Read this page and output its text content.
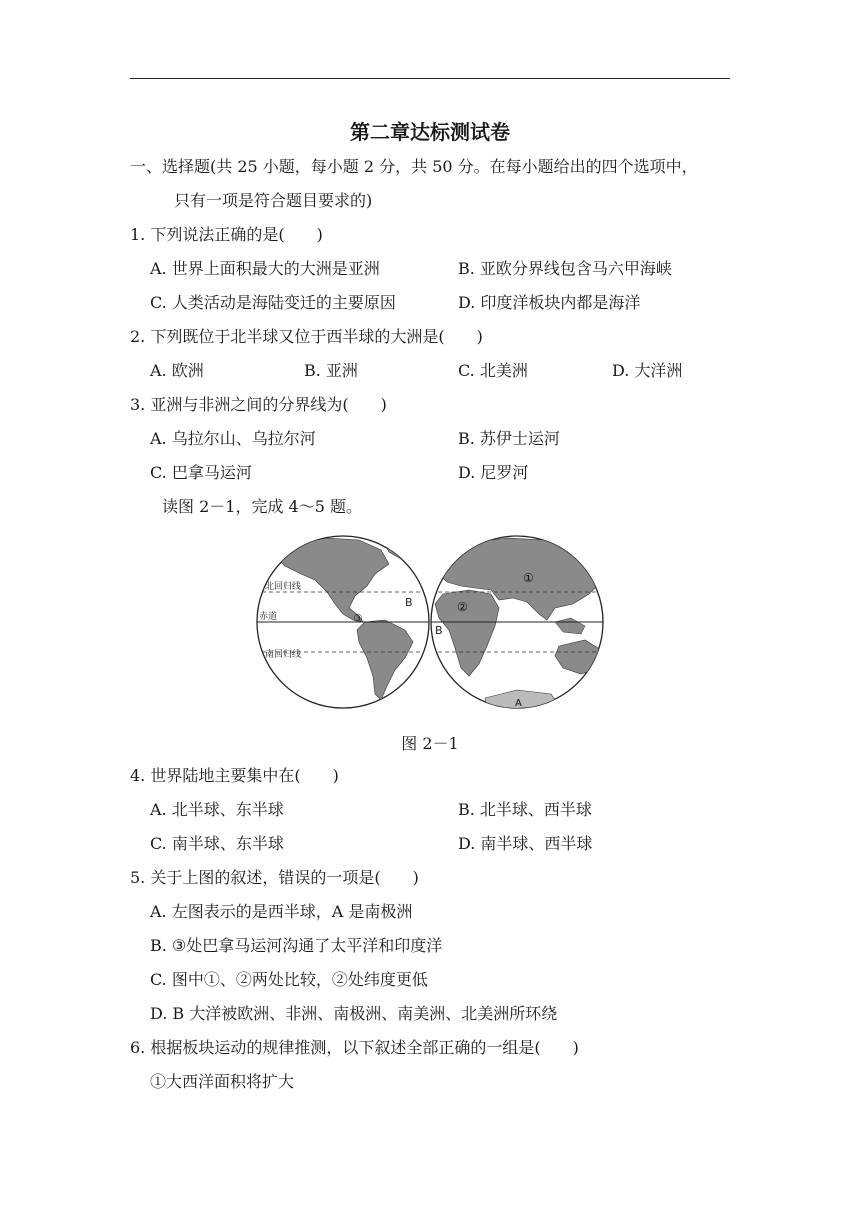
第二章达标测试卷
一、选择题(共 25 小题，每小题 2 分，共 50 分。在每小题给出的四个选项中，
只有一项是符合题目要求的)
1. 下列说法正确的是(　　)
A. 世界上面积最大的大洲是亚洲	B. 亚欧分界线包含马六甲海峡
C. 人类活动是海陆变迁的主要原因	D. 印度洋板块内都是海洋
2. 下列既位于北半球又位于西半球的大洲是(　　)
A. 欧洲	B. 亚洲	C. 北美洲	D. 大洋洲
3. 亚洲与非洲之间的分界线为(　　)
A. 乌拉尔山、乌拉尔河	B. 苏伊士运河
C. 巴拿马运河	D. 尼罗河
读图 2－1，完成 4～5 题。
北回归线
赤道
南回归线
③
B
①
②
B
A
图 2－1
4. 世界陆地主要集中在(　　)
A. 北半球、东半球	B. 北半球、西半球
C. 南半球、东半球	D. 南半球、西半球
5. 关于上图的叙述，错误的一项是(　　)
A. 左图表示的是西半球，A 是南极洲
B. ③处巴拿马运河沟通了太平洋和印度洋
C. 图中①、②两处比较，②处纬度更低
D. B 大洋被欧洲、非洲、南极洲、南美洲、北美洲所环绕
6. 根据板块运动的规律推测，以下叙述全部正确的一组是(　　)
①大西洋面积将扩大
